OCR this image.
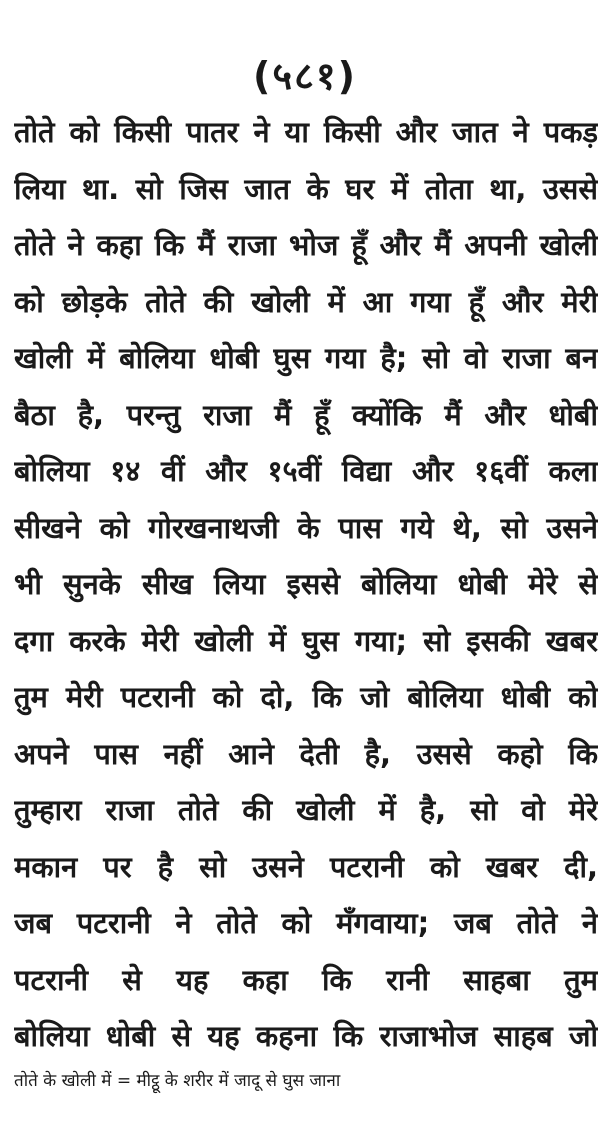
(५८१)
तोते को किसी पातर ने या किसी और जात ने पकड़
लिया था. सो जिस जात के घर में तोता था, उससे
तोते ने कहा कि मैं राजा भोज हूँ और मैं अपनी खोली
को छोड़के तोते की खोली में आ गया हूँ और मेरी
खोली में बोलिया धोबी घुस गया है; सो वो राजा बन
बैठा है, परन्तु राजा मैं हूँ क्योंकि मैं और धोबी
बोलिया १४ वीं और १५वीं विद्या और १६वीं कला
सीखने को गोरखनाथजी के पास गये थे, सो उसने
भी सुनके सीख लिया इससे बोलिया धोबी मेरे से
दगा करके मेरी खोली में घुस गया; सो इसकी खबर
तुम मेरी पटरानी को दो, कि जो बोलिया धोबी को
अपने पास नहीं आने देती है, उससे कहो कि
तुम्हारा राजा तोते की खोली में है, सो वो मेरे
मकान पर है सो उसने पटरानी को खबर दी,
जब पटरानी ने तोते को मँगवाया; जब तोते ने
पटरानी से यह कहा कि रानी साहबा तुम
बोलिया धोबी से यह कहना कि राजाभोज साहब जो
तोते के खोली में = मीट्ठू के शरीर में जादू से घुस जाना
